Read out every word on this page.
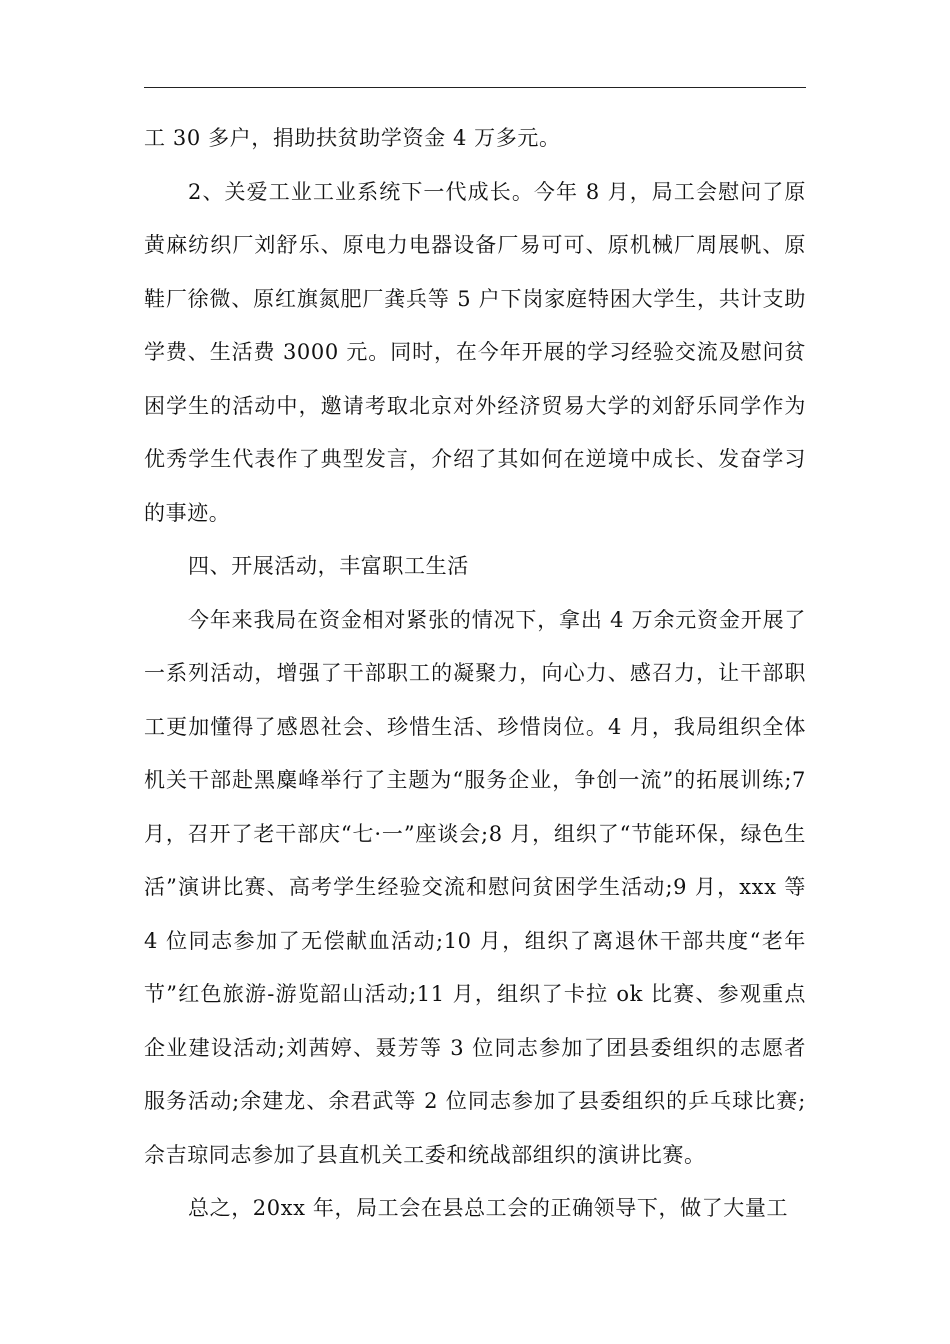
工 30 多户，捐助扶贫助学资金 4 万多元。

2、关爱工业工业系统下一代成长。今年 8 月，局工会慰问了原黄麻纺织厂刘舒乐、原电力电器设备厂易可可、原机械厂周展帆、原鞋厂徐微、原红旗氮肥厂龚兵等 5 户下岗家庭特困大学生，共计支助学费、生活费 3000 元。同时，在今年开展的学习经验交流及慰问贫困学生的活动中，邀请考取北京对外经济贸易大学的刘舒乐同学作为优秀学生代表作了典型发言，介绍了其如何在逆境中成长、发奋学习的事迹。

四、开展活动，丰富职工生活

今年来我局在资金相对紧张的情况下，拿出 4 万余元资金开展了一系列活动，增强了干部职工的凝聚力，向心力、感召力，让干部职工更加懂得了感恩社会、珍惜生活、珍惜岗位。4 月，我局组织全体机关干部赴黑麋峰举行了主题为“服务企业，争创一流”的拓展训练;7 月，召开了老干部庆“七·一”座谈会;8 月，组织了“节能环保，绿色生活”演讲比赛、高考学生经验交流和慰问贫困学生活动;9 月，xxx 等 4 位同志参加了无偿献血活动;10 月，组织了离退休干部共度“老年节”红色旅游-游览韶山活动;11 月，组织了卡拉 ok 比赛、参观重点企业建设活动;刘茜婷、聂芳等 3 位同志参加了团县委组织的志愿者服务活动;余建龙、余君武等 2 位同志参加了县委组织的乒乓球比赛;佘吉琼同志参加了县直机关工委和统战部组织的演讲比赛。

总之，20xx 年，局工会在县总工会的正确领导下，做了大量工
